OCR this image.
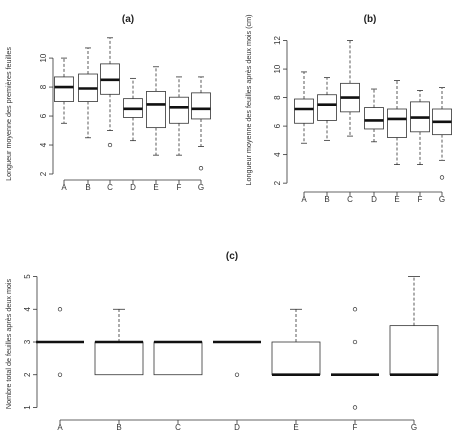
(a)
Longueur moyenne des premières feuilles	2
4
6
8
10
A B C D E F G
(b)
Longueur moyenne des feuilles après deux mois (cm)	2
4
6
8
10
12
A B C D E F G
(c)
Nombre total de feuilles après deux mois 1
2
3
4
5
A	B	C	D	E	F	G
